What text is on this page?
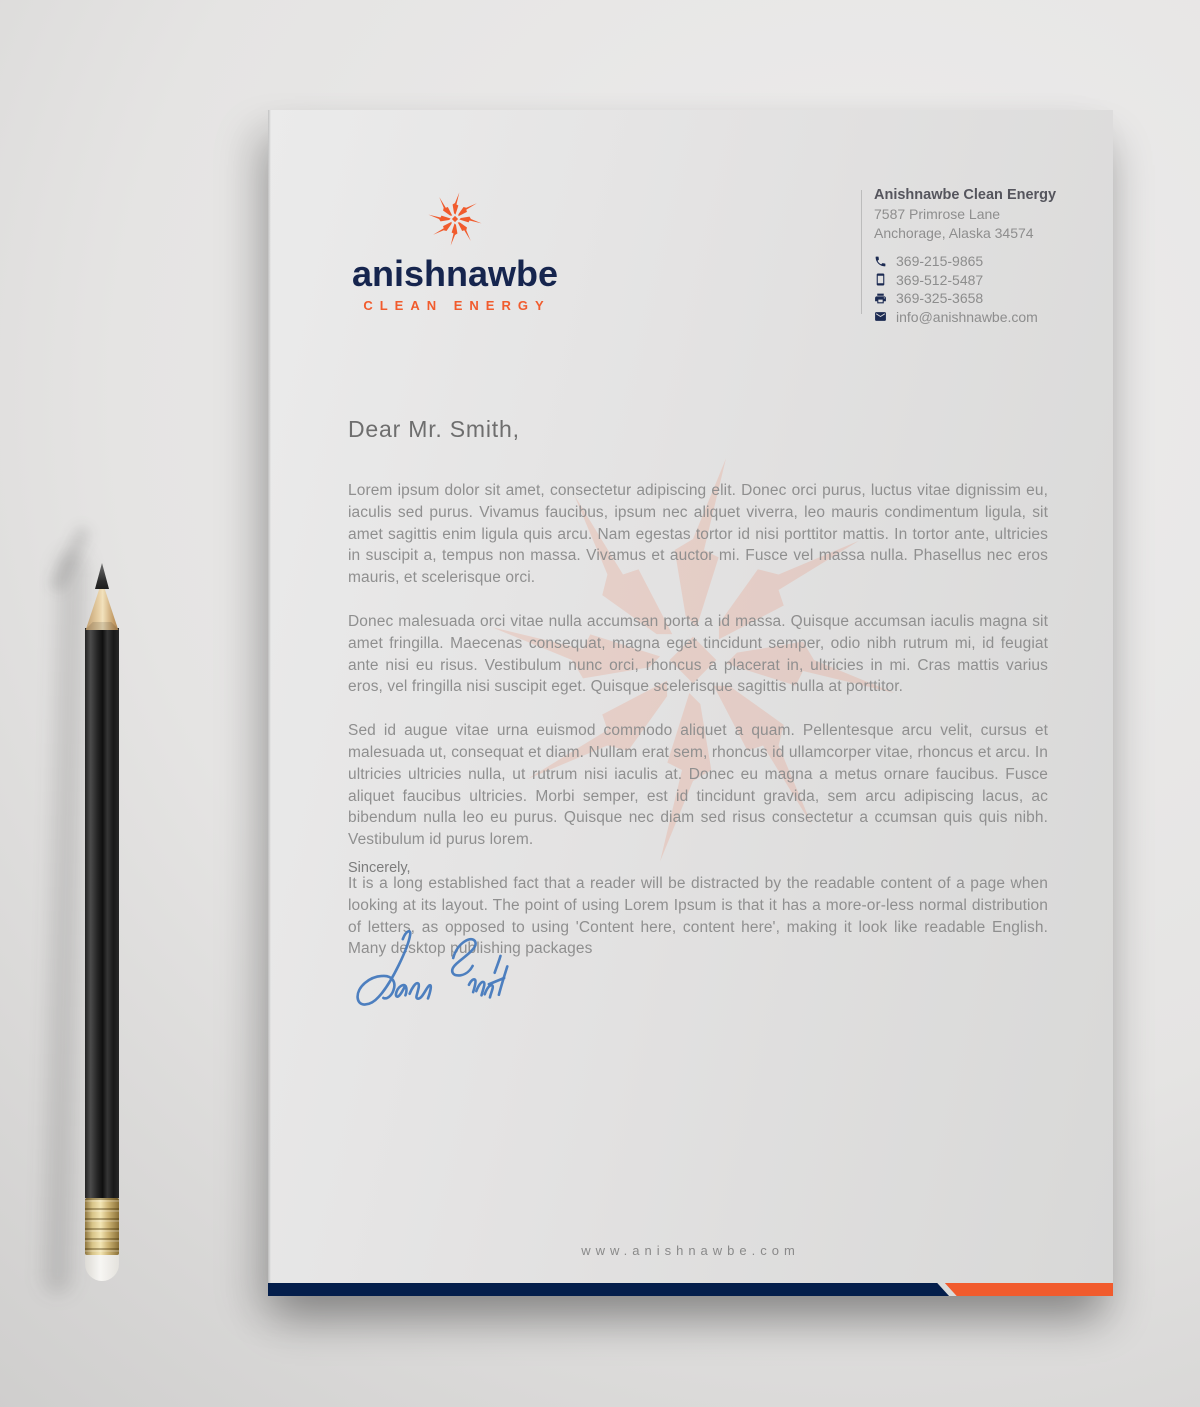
anishnawbe
CLEAN ENERGY
Anishnawbe Clean Energy
7587 Primrose Lane
Anchorage, Alaska 34574
369-215-9865
369-512-5487
369-325-3658
info@anishnawbe.com
Dear Mr. Smith,

Lorem ipsum dolor sit amet, consectetur adipiscing elit. Donec orci purus, luctus vitae dignissim eu, iaculis sed purus. Vivamus faucibus, ipsum nec aliquet viverra, leo mauris condimentum ligula, sit amet sagittis enim ligula quis arcu. Nam egestas tortor id nisi porttitor mattis. In tortor ante, ultricies in suscipit a, tempus non massa. Vivamus et auctor mi. Fusce vel massa nulla. Phasellus nec eros mauris, et scelerisque orci.

Donec malesuada orci vitae nulla accumsan porta a id massa. Quisque accumsan iaculis magna sit amet fringilla. Maecenas consequat, magna eget tincidunt semper, odio nibh rutrum mi, id feugiat ante nisi eu risus. Vestibulum nunc orci, rhoncus a placerat in, ultricies in mi. Cras mattis varius eros, vel fringilla nisi suscipit eget. Quisque scelerisque sagittis nulla at porttitor.

Sed id augue vitae urna euismod commodo aliquet a quam. Pellentesque arcu velit, cursus et malesuada ut, consequat et diam. Nullam erat sem, rhoncus id ullamcorper vitae, rhoncus et arcu. In ultricies ultricies nulla, ut rutrum nisi iaculis at. Donec eu magna a metus ornare faucibus. Fusce aliquet faucibus ultricies. Morbi semper, est id tincidunt gravida, sem arcu adipiscing lacus, ac bibendum nulla leo eu purus. Quisque nec diam sed risus consectetur a ccumsan quis quis nibh. Vestibulum id purus lorem.

It is a long established fact that a reader will be distracted by the readable content of a page when looking at its layout. The point of using Lorem Ipsum is that it has a more-or-less normal distribution of letters, as opposed to using 'Content here, content here', making it look like readable English. Many desktop publishing packages

Sincerely,
www.anishnawbe.com
